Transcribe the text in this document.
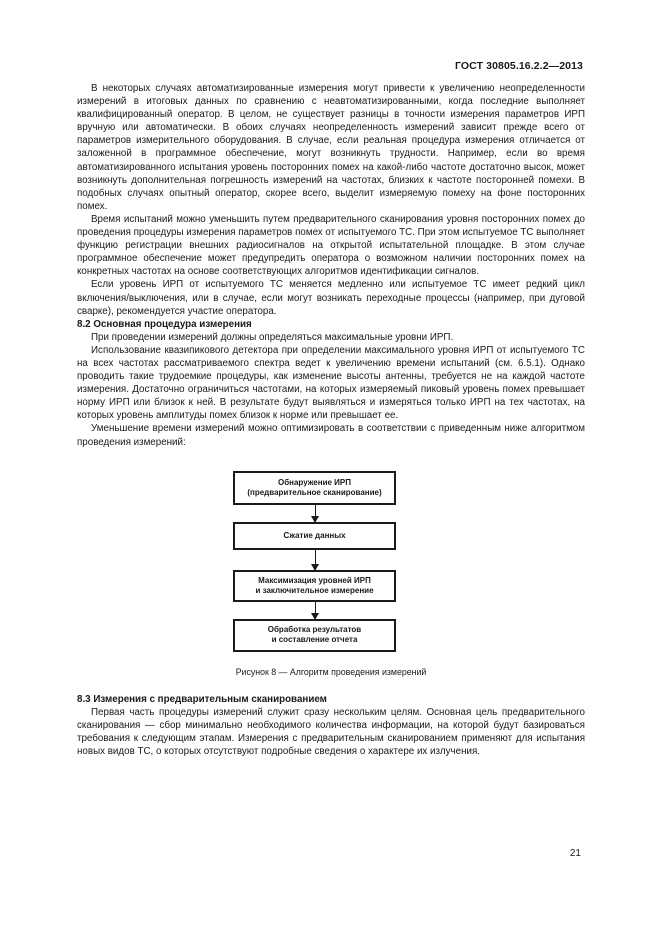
ГОСТ 30805.16.2.2—2013

В некоторых случаях автоматизированные измерения могут привести к увеличению неопределенности измерений в итоговых данных по сравнению с неавтоматизированными, когда последние выполняет квалифицированный оператор. В целом, не существует разницы в точности измерения параметров ИРП вручную или автоматически. В обоих случаях неопределенность измерений зависит прежде всего от параметров измерительного оборудования. В случае, если реальная процедура измерения отличается от заложенной в программное обеспечение, могут возникнуть трудности. Например, если во время автоматизированного испытания уровень посторонних помех на какой-либо частоте достаточно высок, может возникнуть дополнительная погрешность измерений на частотах, близких к частоте посторонней помехи. В подобных случаях опытный оператор, скорее всего, выделит измеряемую помеху на фоне посторонних помех.

Время испытаний можно уменьшить путем предварительного сканирования уровня посторонних помех до проведения процедуры измерения параметров помех от испытуемого ТС. При этом испытуемое ТС выполняет функцию регистрации внешних радиосигналов на открытой испытательной площадке. В этом случае программное обеспечение может предупредить оператора о возможном наличии посторонних помех на конкретных частотах на основе соответствующих алгоритмов идентификации сигналов.

Если уровень ИРП от испытуемого ТС меняется медленно или испытуемое ТС имеет редкий цикл включения/выключения, или в случае, если могут возникать переходные процессы (например, при дуговой сварке), рекомендуется участие оператора.

8.2 Основная процедура измерения

При проведении измерений должны определяться максимальные уровни ИРП.

Использование квазипикового детектора при определении максимального уровня ИРП от испытуемого ТС на всех частотах рассматриваемого спектра ведет к увеличению времени испытаний (см. 6.5.1). Однако проводить такие трудоемкие процедуры, как изменение высоты антенны, требуется не на каждой частоте измерения. Достаточно ограничиться частотами, на которых измеряемый пиковый уровень помех превышает норму ИРП или близок к ней. В результате будут выявляться и измеряться только ИРП на тех частотах, на которых уровень амплитуды помех близок к норме или превышает ее.

Уменьшение времени измерений можно оптимизировать в соответствии с приведенным ниже алгоритмом проведения измерений:

Обнаружение ИРП
(предварительное сканирование)
Сжатие данных
Максимизация уровней ИРП
и заключительное измерение
Обработка результатов
и составление отчета
Рисунок 8 — Алгоритм проведения измерений

8.3 Измерения с предварительным сканированием

Первая часть процедуры измерений служит сразу нескольким целям. Основная цель предварительного сканирования — сбор минимально необходимого количества информации, на которой будут базироваться требования к следующим этапам. Измерения с предварительным сканированием применяют для испытания новых видов ТС, о которых отсутствуют подробные сведения о характере их излучения.

21
